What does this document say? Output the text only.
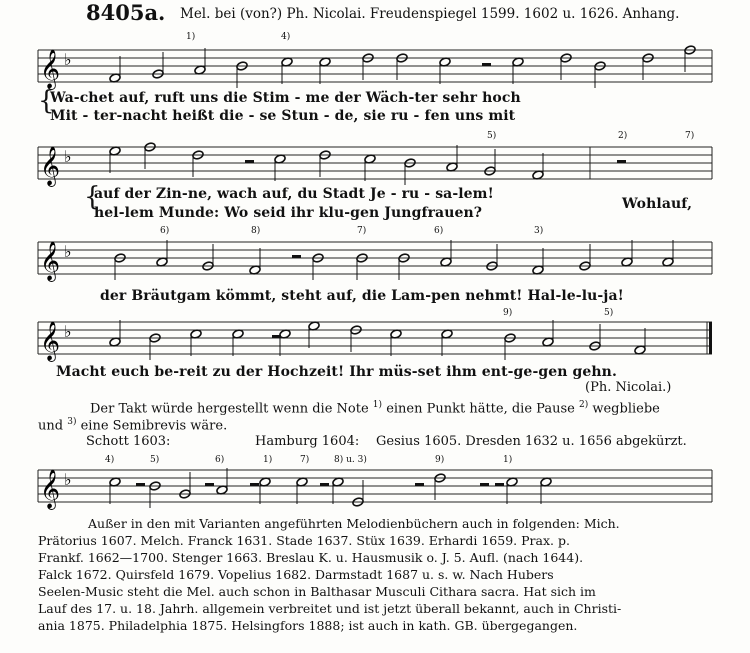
8405a. Mel. bei (von?) Ph. Nicolai. Freudenspiegel 1599. 1602 u. 1626. Anhang.
1)	4)
𝄞 ♭
{
Wa-chet auf, ruft uns die Stim - me der Wäch-ter sehr hoch
Mit - ter-nacht heißt die - se Stun - de, sie ru - fen uns mit
5)	2)	7)
𝄞 ♭
{
auf der Zin-ne, wach auf, du Stadt Je - ru - sa-lem!
hel-lem Munde: Wo seid ihr klu-gen Jungfrauen?
Wohlauf,
6)	8)	7)	6)	3)
𝄞 ♭
der Bräutgam kömmt, steht auf, die Lam-pen nehmt! Hal-le-lu-ja!
9)	5)
𝄞 ♭
Macht euch be-reit zu der Hochzeit! Ihr müs-set ihm ent-ge-gen gehn.
(Ph. Nicolai.)
Der Takt würde hergestellt wenn die Note $^{1)}$ einen Punkt hätte, die Pause $^{2)}$ wegbliebe
und $^{3)}$ eine Semibrevis wäre.
Schott 1603:	Hamburg 1604: Gesius 1605. Dresden 1632 u. 1656 abgekürzt.
4)	5)	6)	1)	7)	8) u. 3)	9)	1)
𝄞 ♭
Außer in den mit Varianten angeführten Melodienbüchern auch in folgenden: Mich.
Prätorius 1607. Melch. Franck 1631. Stade 1637. Stüx 1639. Erhardi 1659. Prax. p.
Frankf. 1662—1700. Stenger 1663. Breslau K. u. Hausmusik o. J. 5. Aufl. (nach 1644).
Falck 1672. Quirsfeld 1679. Vopelius 1682. Darmstadt 1687 u. s. w. Nach Hubers
Seelen-Music steht die Mel. auch schon in Balthasar Musculi Cithara sacra. Hat sich im
Lauf des 17. u. 18. Jahrh. allgemein verbreitet und ist jetzt überall bekannt, auch in Christi-
ania 1875. Philadelphia 1875. Helsingfors 1888; ist auch in kath. GB. übergegangen.
